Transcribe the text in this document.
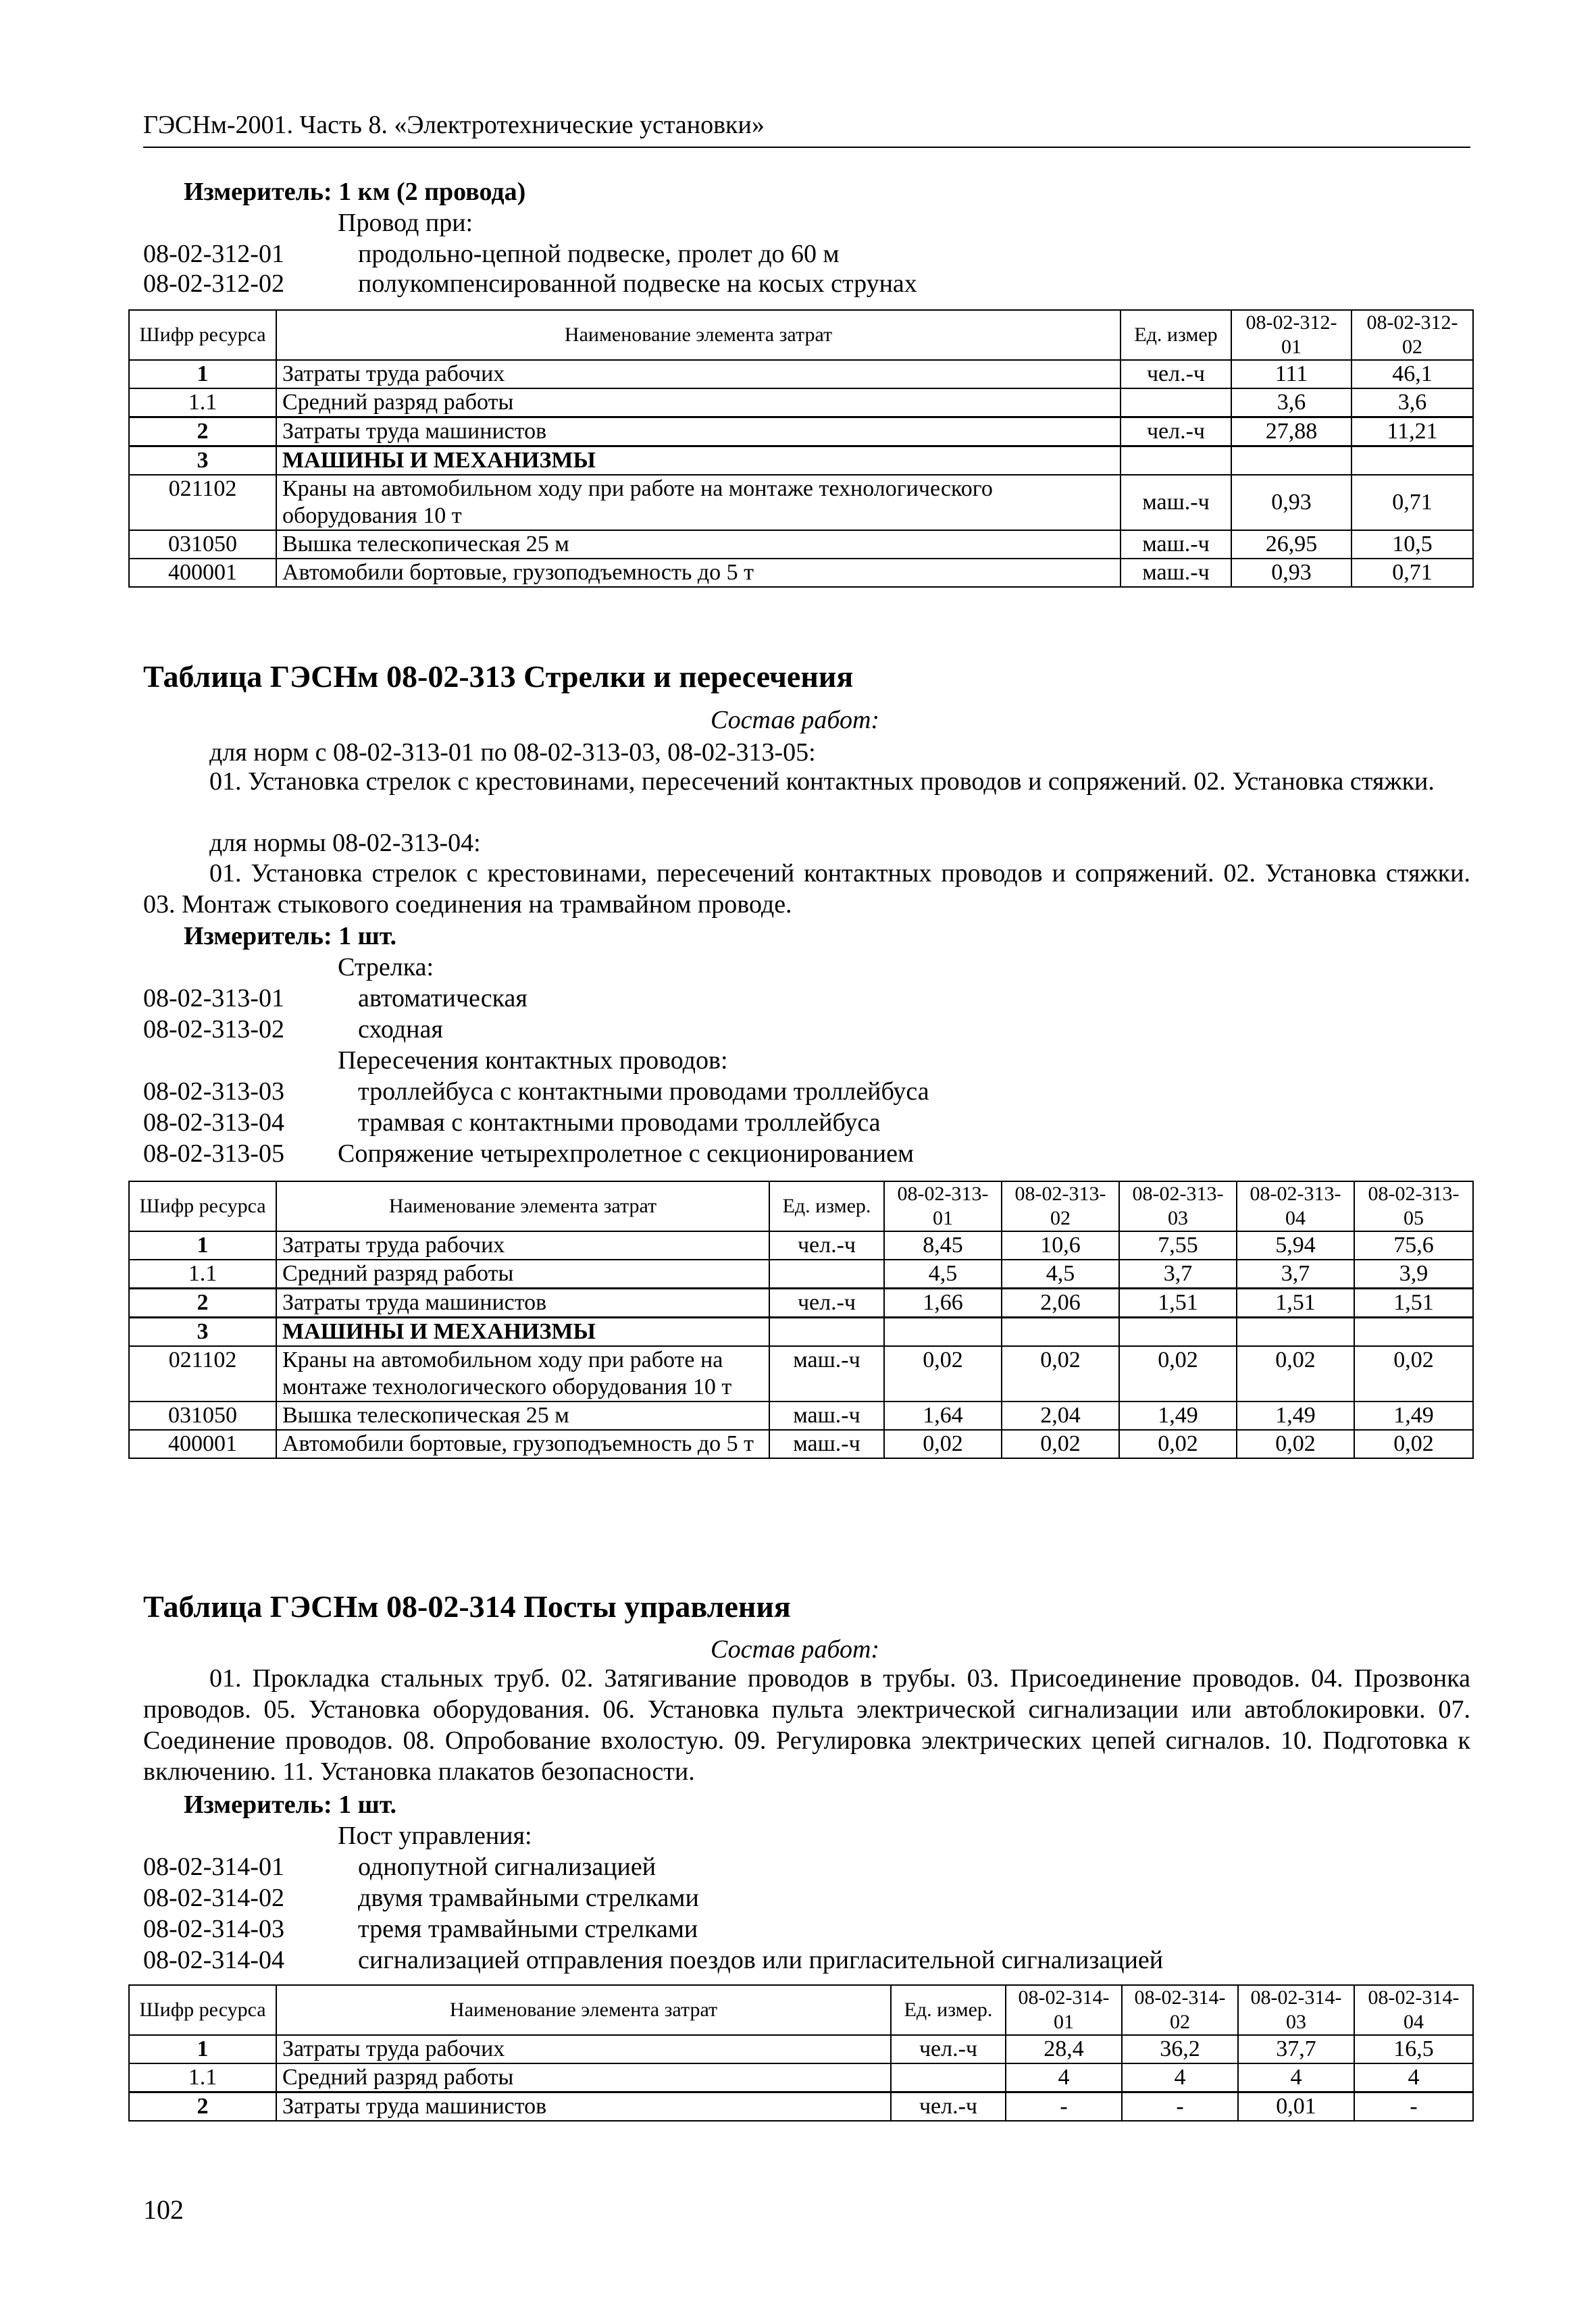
ГЭСНм-2001. Часть 8. «Электротехнические установки»
Измеритель: 1 км (2 провода)
Провод при:
08-02-312-01	продольно-цепной подвеске, пролет до 60 м
08-02-312-02	полукомпенсированной подвеске на косых струнах
Шифр ресурса	Наименование элемента затрат	Ед. измер	08-02-312-01	08-02-312-02
1	Затраты труда рабочих	чел.-ч	111	46,1
1.1	Средний разряд работы		3,6	3,6
2	Затраты труда машинистов	чел.-ч	27,88	11,21
3	МАШИНЫ И МЕХАНИЗМЫ			
021102	Краны на автомобильном ходу при работе на монтаже технологического оборудования 10 т	маш.-ч	0,93	0,71
031050	Вышка телескопическая 25 м	маш.-ч	26,95	10,5
400001	Автомобили бортовые, грузоподъемность до 5 т	маш.-ч	0,93	0,71
Таблица ГЭСНм 08-02-313 Стрелки и пересечения
Состав работ:
для норм с 08-02-313-01 по 08-02-313-03, 08-02-313-05:
01. Установка стрелок с крестовинами, пересечений контактных проводов и сопряжений. 02. Установка стяжки.
для нормы 08-02-313-04:
01. Установка стрелок с крестовинами, пересечений контактных проводов и сопряжений. 02. Установка стяжки. 03. Монтаж стыкового соединения на трамвайном проводе.
Измеритель: 1 шт.
Стрелка:
08-02-313-01	автоматическая
08-02-313-02	сходная
Пересечения контактных проводов:
08-02-313-03	троллейбуса с контактными проводами троллейбуса
08-02-313-04	трамвая с контактными проводами троллейбуса
08-02-313-05 Сопряжение четырехпролетное с секционированием
Шифр ресурса	Наименование элемента затрат	Ед. измер.	08-02-313-01	08-02-313-02	08-02-313-03	08-02-313-04	08-02-313-05
1	Затраты труда рабочих	чел.-ч	8,45	10,6	7,55	5,94	75,6
1.1	Средний разряд работы		4,5	4,5	3,7	3,7	3,9
2	Затраты труда машинистов	чел.-ч	1,66	2,06	1,51	1,51	1,51
3	МАШИНЫ И МЕХАНИЗМЫ						
021102	Краны на автомобильном ходу при работе на монтаже технологического оборудования 10 т	маш.-ч	0,02	0,02	0,02	0,02	0,02
031050	Вышка телескопическая 25 м	маш.-ч	1,64	2,04	1,49	1,49	1,49
400001	Автомобили бортовые, грузоподъемность до 5 т	маш.-ч	0,02	0,02	0,02	0,02	0,02
Таблица ГЭСНм 08-02-314 Посты управления
Состав работ:
01. Прокладка стальных труб. 02. Затягивание проводов в трубы. 03. Присоединение проводов. 04. Прозвонка проводов. 05. Установка оборудования. 06. Установка пульта электрической сигнализации или автоблокировки. 07. Соединение проводов. 08. Опробование вхолостую. 09. Регулировка электрических цепей сигналов. 10. Подготовка к включению. 11. Установка плакатов безопасности.
Измеритель: 1 шт.
Пост управления:
08-02-314-01	однопутной сигнализацией
08-02-314-02	двумя трамвайными стрелками
08-02-314-03	тремя трамвайными стрелками
08-02-314-04	сигнализацией отправления поездов или пригласительной сигнализацией
Шифр ресурса	Наименование элемента затрат	Ед. измер.	08-02-314-01	08-02-314-02	08-02-314-03	08-02-314-04
1	Затраты труда рабочих	чел.-ч	28,4	36,2	37,7	16,5
1.1	Средний разряд работы		4	4	4	4
2	Затраты труда машинистов	чел.-ч	-	-	0,01	-
102
